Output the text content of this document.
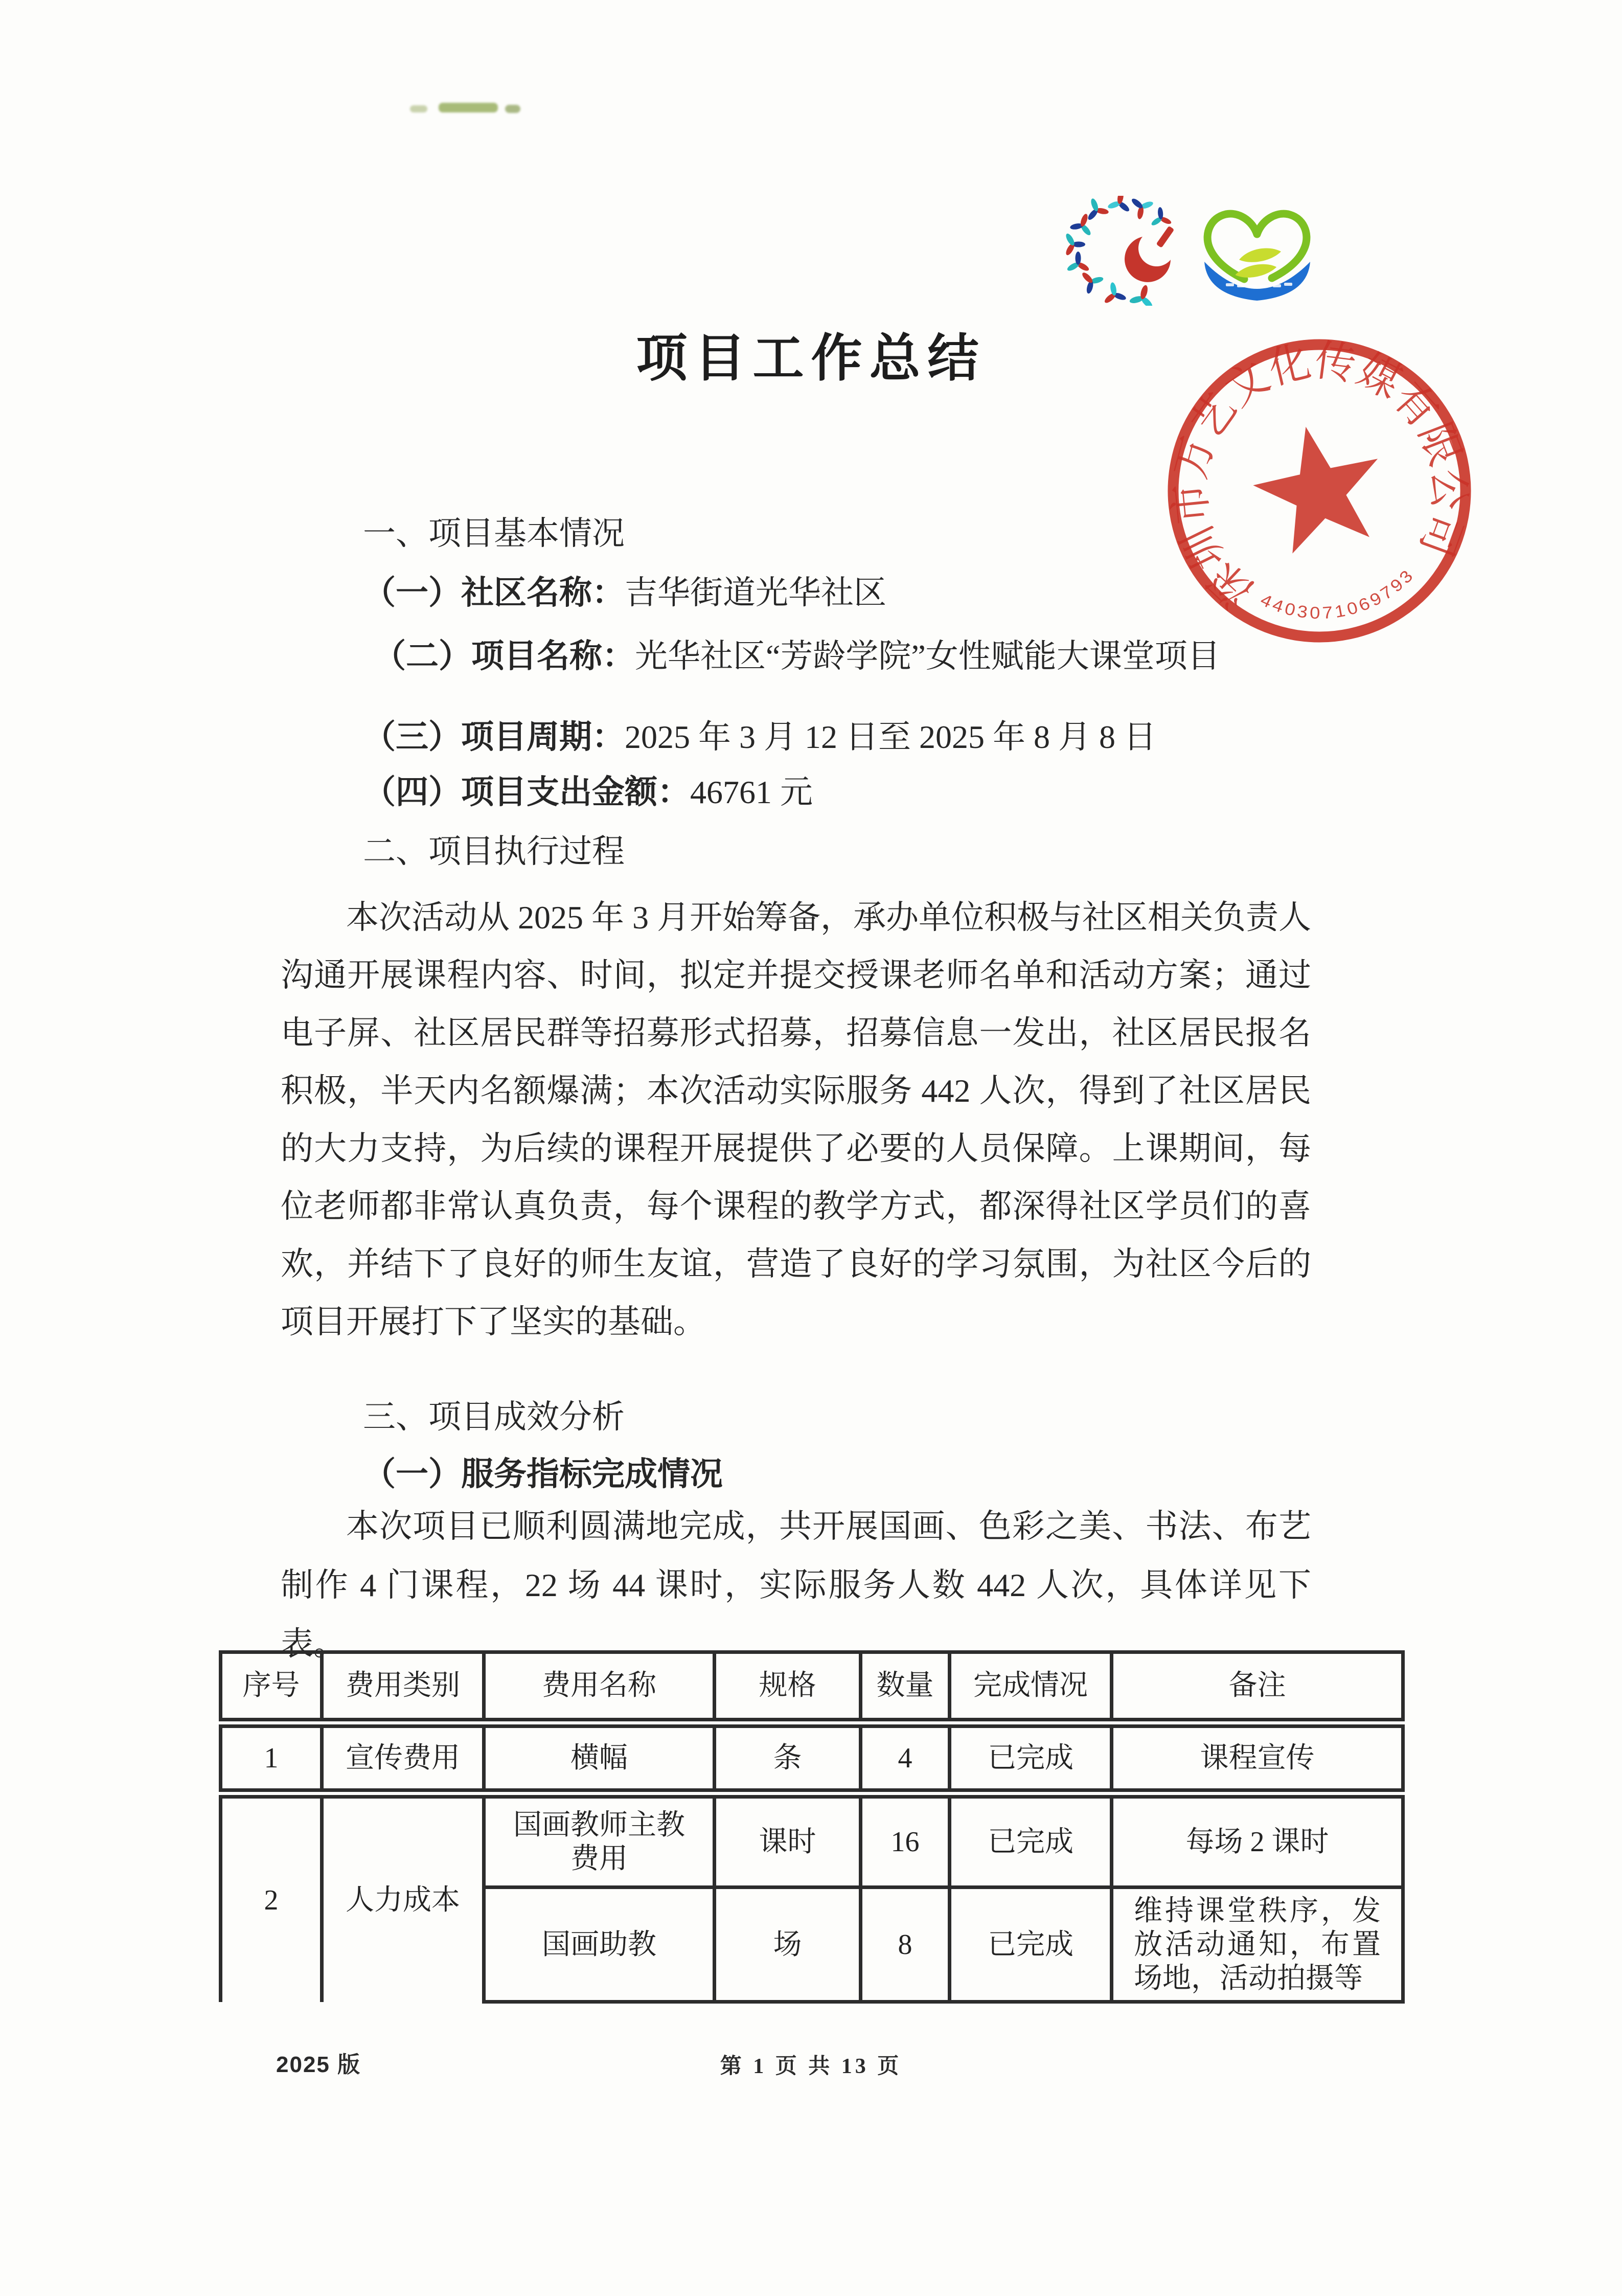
项目工作总结
一、项目基本情况
（一）社区名称：吉华街道光华社区
（二）项目名称：光华社区“芳龄学院”女性赋能大课堂项目
（三）项目周期：2025 年 3 月 12 日至 2025 年 8 月 8 日
（四）项目支出金额：46761 元
二、项目执行过程
本次活动从 2025 年 3 月开始筹备，承办单位积极与社区相关负责人沟通开展课程内容、时间，拟定并提交授课老师名单和活动方案；通过电子屏、社区居民群等招募形式招募，招募信息一发出，社区居民报名积极，半天内名额爆满；本次活动实际服务 442 人次，得到了社区居民的大力支持，为后续的课程开展提供了必要的人员保障。上课期间，每位老师都非常认真负责，每个课程的教学方式，都深得社区学员们的喜欢，并结下了良好的师生友谊，营造了良好的学习氛围，为社区今后的项目开展打下了坚实的基础。
三、项目成效分析
（一）服务指标完成情况
本次项目已顺利圆满地完成，共开展国画、色彩之美、书法、布艺制作 4 门课程，22 场 44 课时，实际服务人数 442 人次，具体详见下表。
序号	费用类别	费用名称	规格	数量	完成情况	备注
1	宣传费用	横幅	条	4	已完成	课程宣传
2	人力成本	国画教师主教费用	课时	16	已完成	每场 2 课时
		国画助教	场	8	已完成	维持课堂秩序，发放活动通知，布置场地，活动拍摄等
深圳市万艺文化传媒有限公司
4403071069793
2025 版	第 1 页 共 13 页
